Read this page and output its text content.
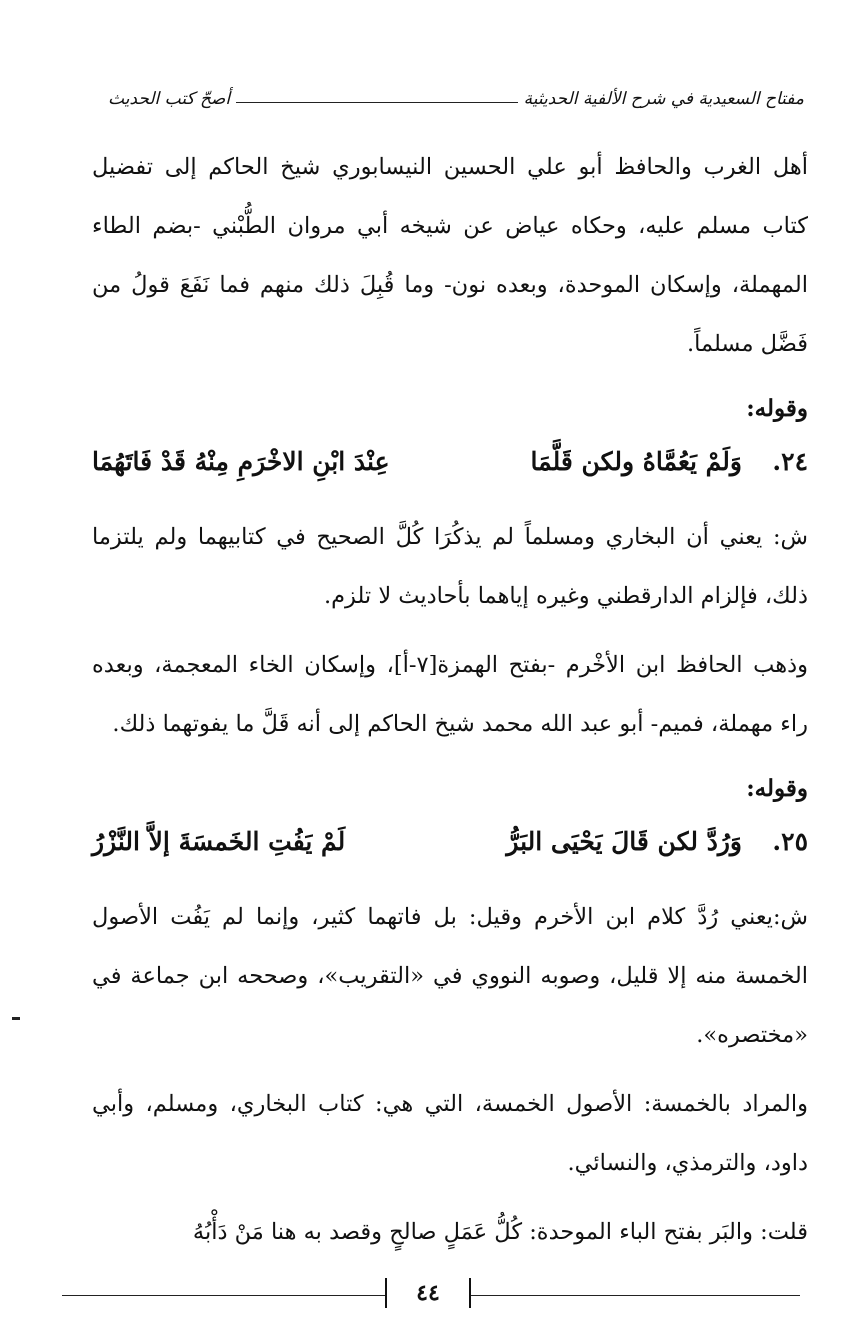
مفتاح السعيدية في شرح الألفية الحديثية
أصحّ كتب الحديث

أهل الغرب والحافظ أبو علي الحسين النيسابوري شيخ الحاكم إلى تفضيل كتاب مسلم عليه، وحكاه عياض عن شيخه أبي مروان الطُّبْني -بضم الطاء المهملة، وإسكان الموحدة، وبعده نون- وما قُبِلَ ذلك منهم فما نَفَعَ قولُ من فَضَّل مسلماً.

وقوله:
٢٤.
وَلَمْ يَعُمَّاهُ ولكن قَلَّمَا
عِنْدَ ابْنِ الاخْرَمِ مِنْهُ قَدْ فَاتَهُمَا

ش: يعني أن البخاري ومسلماً لم يذكُرَا كُلَّ الصحيح في كتابيهما ولم يلتزما ذلك، فإلزام الدارقطني وغيره إياهما بأحاديث لا تلزم.

وذهب الحافظ ابن الأخْرم -بفتح الهمزة[٧-أ]، وإسكان الخاء المعجمة، وبعده راء مهملة، فميم- أبو عبد الله محمد شيخ الحاكم إلى أنه قَلَّ ما يفوتهما ذلك.

وقوله:
٢٥.
وَرُدَّ لكن قَالَ يَحْيَى البَرُّ
لَمْ يَفُتِ الخَمسَةَ إلاَّ النَّزْرُ

ش:يعني رُدَّ كلام ابن الأخرم وقيل: بل فاتهما كثير، وإنما لم يَفُت الأصول الخمسة منه إلا قليل، وصوبه النووي في «التقريب»، وصححه ابن جماعة في «مختصره».

والمراد بالخمسة: الأصول الخمسة، التي هي: كتاب البخاري، ومسلم، وأبي داود، والترمذي، والنسائي.

قلت: والبَر بفتح الباء الموحدة: كُلُّ عَمَلٍ صالحٍ وقصد به هنا مَنْ دَأْبُهُ

٤٤
